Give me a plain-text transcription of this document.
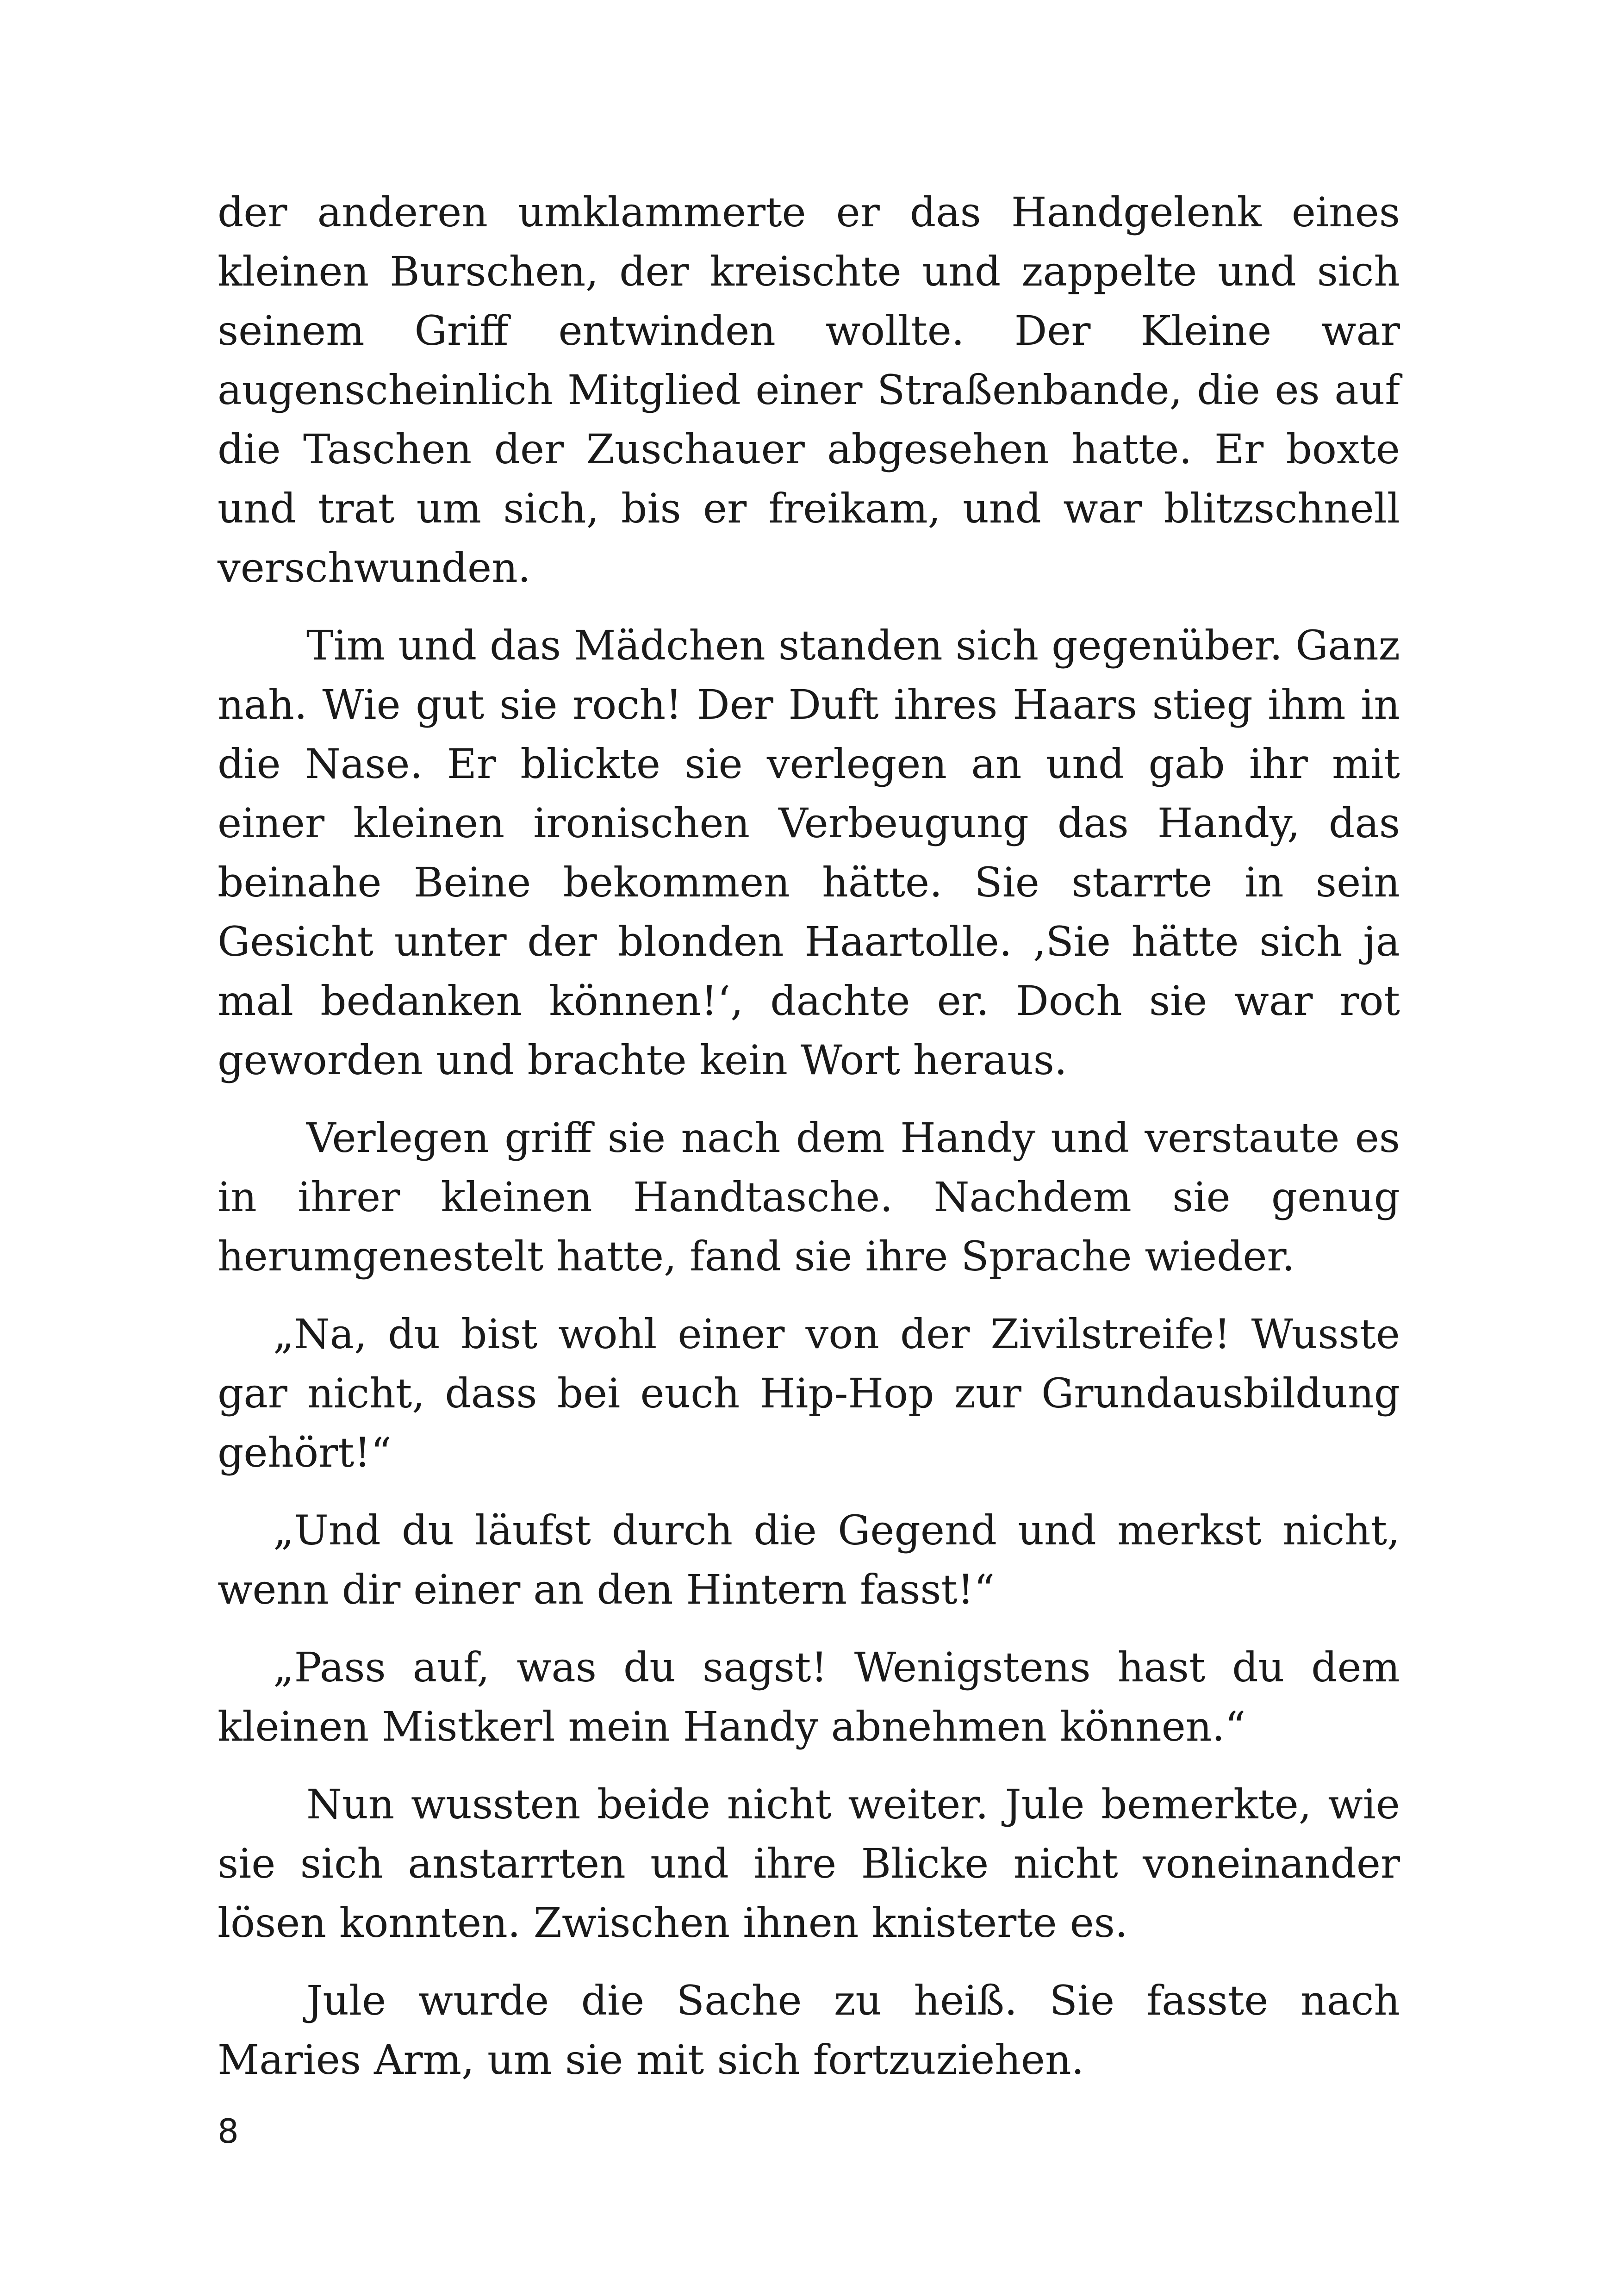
der anderen umklammerte er das Handgelenk eines kleinen Burschen, der kreischte und zappelte und sich seinem Griff entwinden wollte. Der Kleine war augenscheinlich Mitglied einer Straßenbande, die es auf die Taschen der Zuschauer abgesehen hatte. Er boxte und trat um sich, bis er freikam, und war blitzschnell verschwunden.

Tim und das Mädchen standen sich gegenüber. Ganz nah. Wie gut sie roch! Der Duft ihres Haars stieg ihm in die Nase. Er blickte sie verlegen an und gab ihr mit einer kleinen ironischen Verbeugung das Handy, das beinahe Beine bekommen hätte. Sie starrte in sein Gesicht unter der blonden Haartolle. ‚Sie hätte sich ja mal bedanken können!‘, dachte er. Doch sie war rot geworden und brachte kein Wort heraus.

Verlegen griff sie nach dem Handy und verstaute es in ihrer kleinen Handtasche. Nachdem sie genug herumgenestelt hatte, fand sie ihre Sprache wieder.

„Na, du bist wohl einer von der Zivilstreife! Wusste gar nicht, dass bei euch Hip-Hop zur Grundausbildung gehört!“

„Und du läufst durch die Gegend und merkst nicht, wenn dir einer an den Hintern fasst!“

„Pass auf, was du sagst! Wenigstens hast du dem kleinen Mistkerl mein Handy abnehmen können.“

Nun wussten beide nicht weiter. Jule bemerkte, wie sie sich anstarrten und ihre Blicke nicht voneinander lösen konnten. Zwischen ihnen knisterte es.

Jule wurde die Sache zu heiß. Sie fasste nach Maries Arm, um sie mit sich fortzuziehen.

8
